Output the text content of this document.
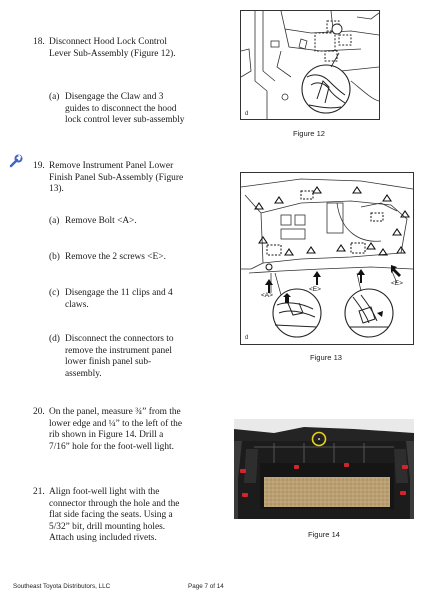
18. Disconnect Hood Lock Control
Lever Sub-Assembly (Figure 12).
(a) Disengage the Claw and 3
guides to disconnect the hood
lock control lever sub-assembly
19. Remove Instrument Panel Lower
Finish Panel Sub-Assembly (Figure
13).
(a) Remove Bolt <A>.
(b) Remove the 2 screws <E>.
(c) Disengage the 11 clips and 4
claws.
(d) Disconnect the connectors to
remove the instrument panel
lower finish panel sub-
assembly.
20. On the panel, measure ¾” from the
lower edge and ¼” to the left of the
rib shown in Figure 14. Drill a
7/16” hole for the foot-well light.
21. Align foot-well light with the
connector through the hole and the
flat side facing the seats. Using a
5/32” bit, drill mounting holes.
Attach using included rivets.
d
Figure 12
<A>
<E>
<E>
d
Figure 13
Figure 14
Southeast Toyota Distributors, LLC	Page 7 of 14
